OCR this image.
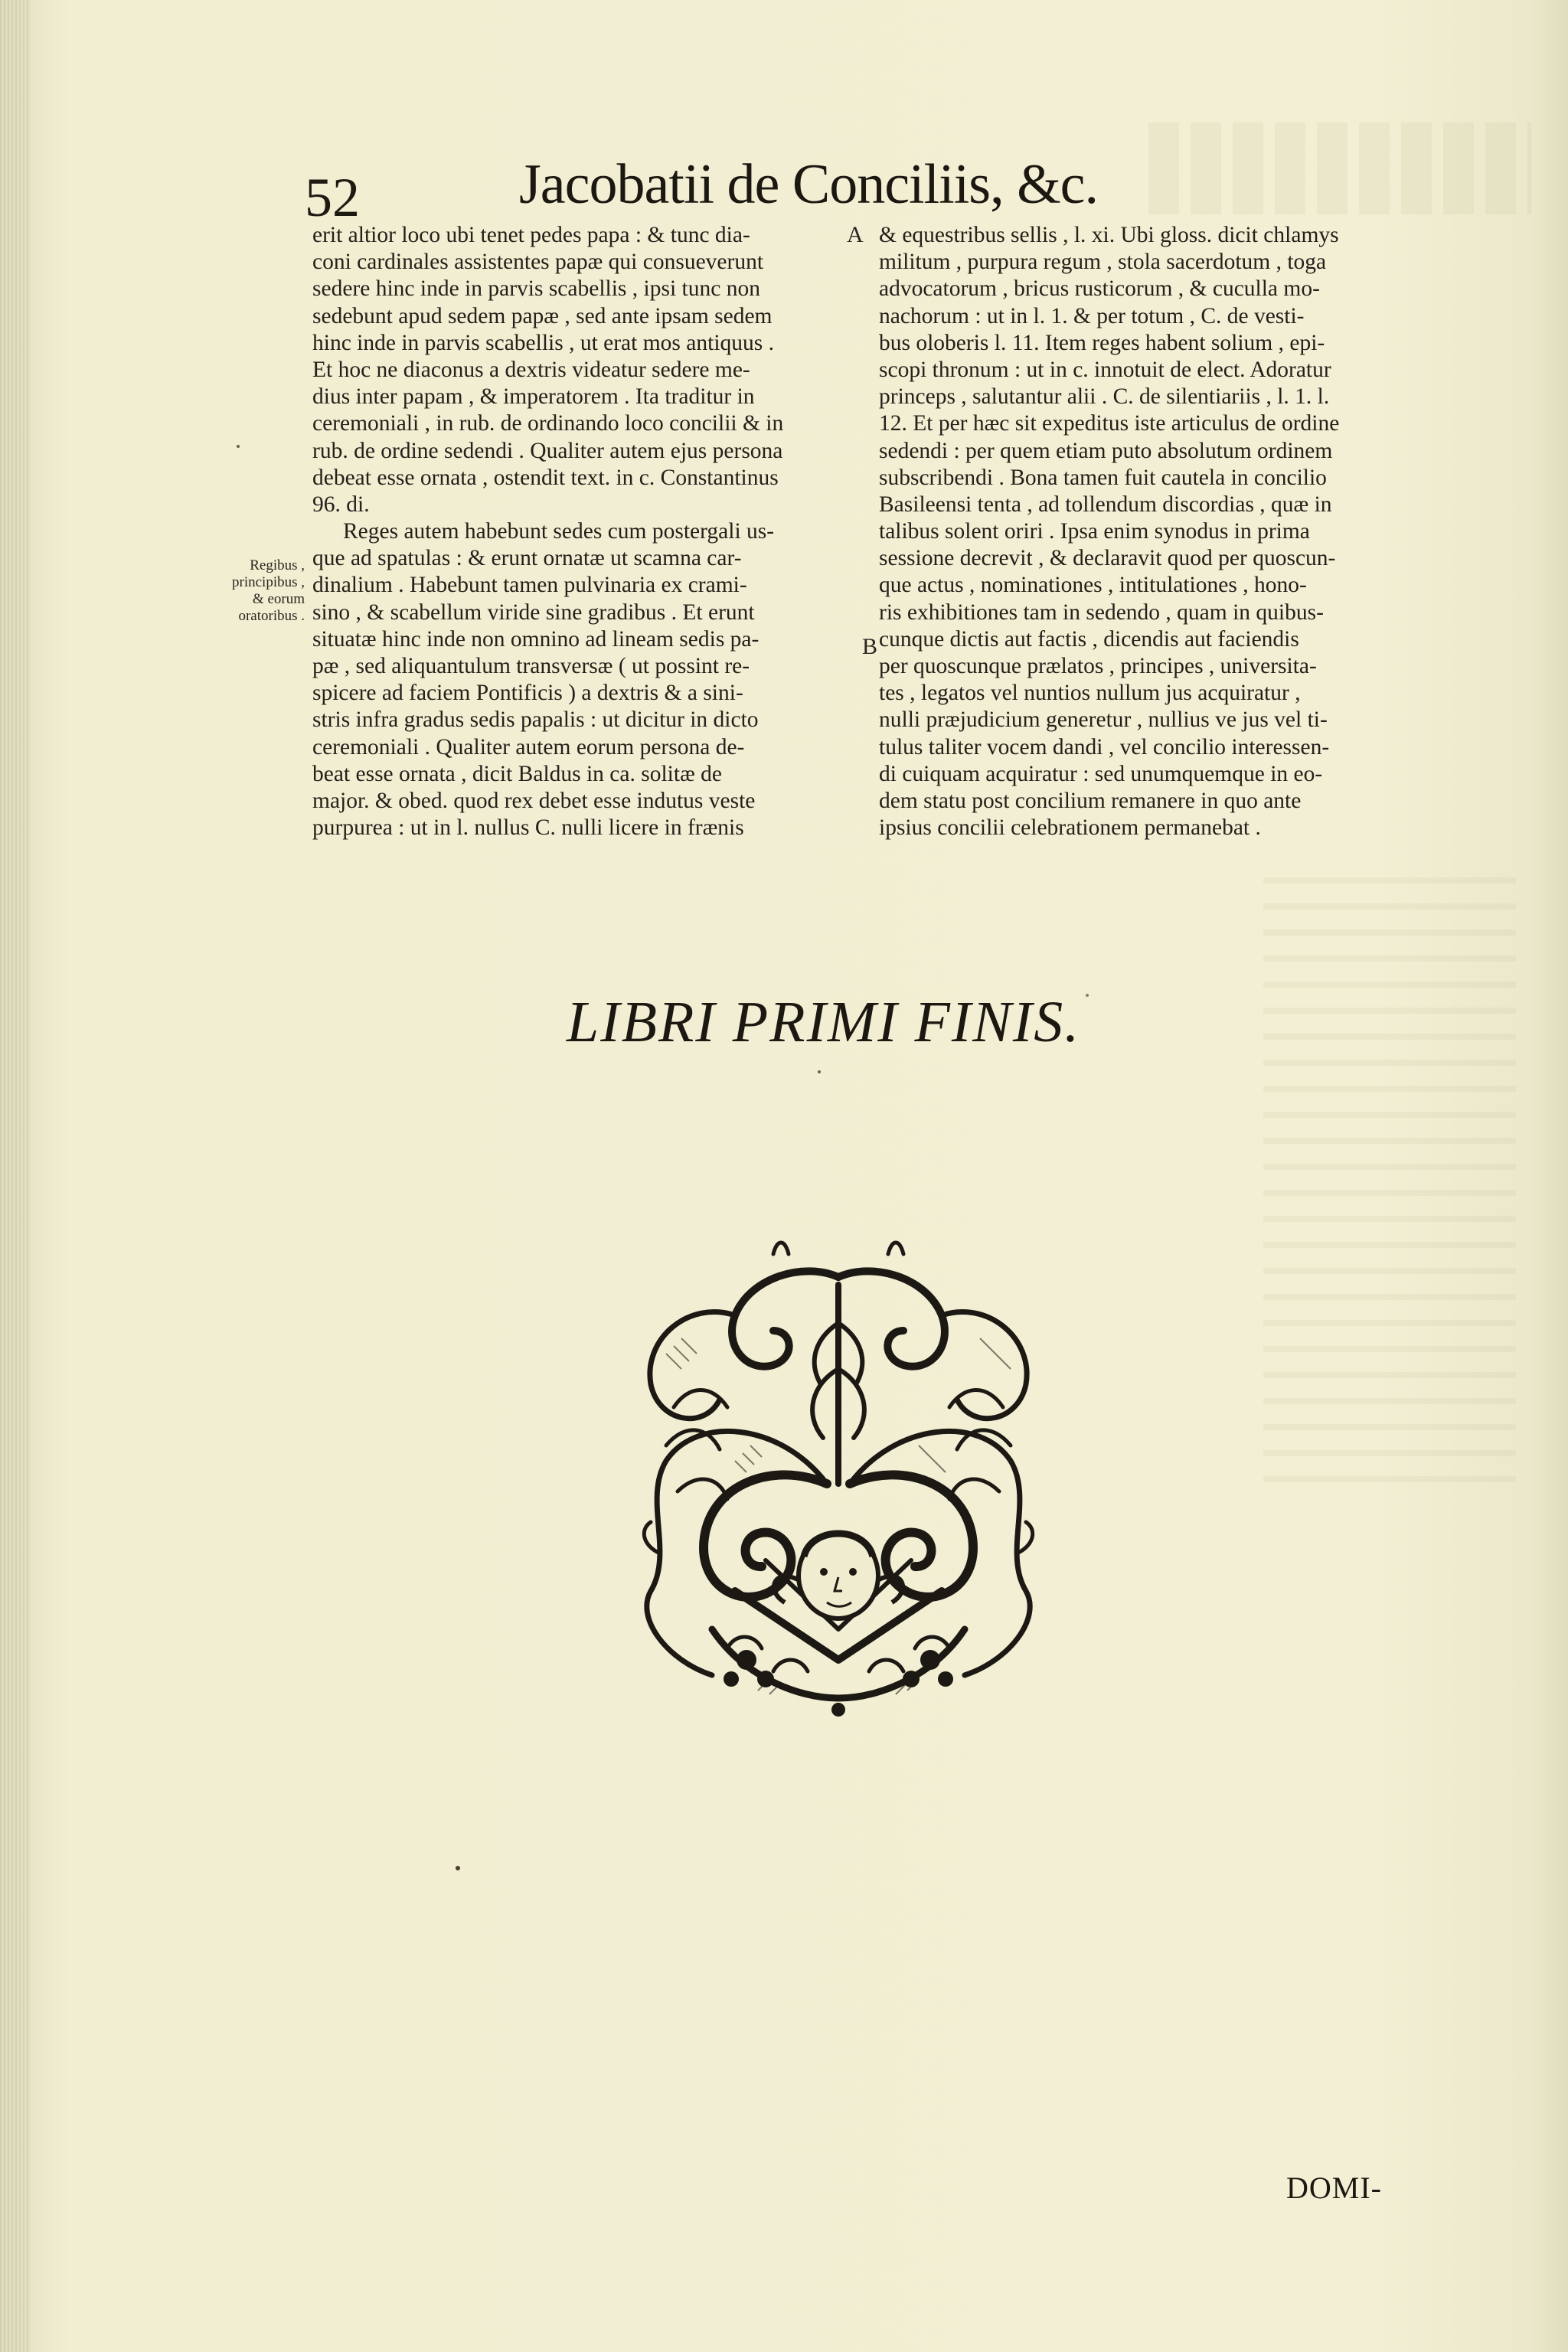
52	Jacobatii de Conciliis, &c.
A
B
Regibus ,
principibus ,
& eorum
oratoribus .
erit altior loco ubi tenet pedes papa : & tunc dia-
coni cardinales assistentes papæ qui consueverunt
sedere hinc inde in parvis scabellis , ipsi tunc non
sedebunt apud sedem papæ , sed ante ipsam sedem
hinc inde in parvis scabellis , ut erat mos antiquus .
Et hoc ne diaconus a dextris videatur sedere me-
dius inter papam , & imperatorem . Ita traditur in
ceremoniali , in rub. de ordinando loco concilii & in
rub. de ordine sedendi . Qualiter autem ejus persona
debeat esse ornata , ostendit text. in c. Constantinus
96. di.
Reges autem habebunt sedes cum postergali us-
que ad spatulas : & erunt ornatæ ut scamna car-
dinalium . Habebunt tamen pulvinaria ex crami-
sino , & scabellum viride sine gradibus . Et erunt
situatæ hinc inde non omnino ad lineam sedis pa-
pæ , sed aliquantulum transversæ ( ut possint re-
spicere ad faciem Pontificis ) a dextris & a sini-
stris infra gradus sedis papalis : ut dicitur in dicto
ceremoniali . Qualiter autem eorum persona de-
beat esse ornata , dicit Baldus in ca. solitæ de
major. & obed. quod rex debet esse indutus veste
purpurea : ut in l. nullus C. nulli licere in frænis
& equestribus sellis , l. xi. Ubi gloss. dicit chlamys
militum , purpura regum , stola sacerdotum , toga
advocatorum , bricus rusticorum , & cuculla mo-
nachorum : ut in l. 1. & per totum , C. de vesti-
bus oloberis l. 11. Item reges habent solium , epi-
scopi thronum : ut in c. innotuit de elect. Adoratur
princeps , salutantur alii . C. de silentiariis , l. 1. l.
12. Et per hæc sit expeditus iste articulus de ordine
sedendi : per quem etiam puto absolutum ordinem
subscribendi . Bona tamen fuit cautela in concilio
Basileensi tenta , ad tollendum discordias , quæ in
talibus solent oriri . Ipsa enim synodus in prima
sessione decrevit , & declaravit quod per quoscun-
que actus , nominationes , intitulationes , hono-
ris exhibitiones tam in sedendo , quam in quibus-
cunque dictis aut factis , dicendis aut faciendis
per quoscunque prælatos , principes , universita-
tes , legatos vel nuntios nullum jus acquiratur ,
nulli præjudicium generetur , nullius ve jus vel ti-
tulus taliter vocem dandi , vel concilio interessen-
di cuiquam acquiratur : sed unumquemque in eo-
dem statu post concilium remanere in quo ante
ipsius concilii celebrationem permanebat .
LIBRI PRIMI FINIS.
DOMI-
